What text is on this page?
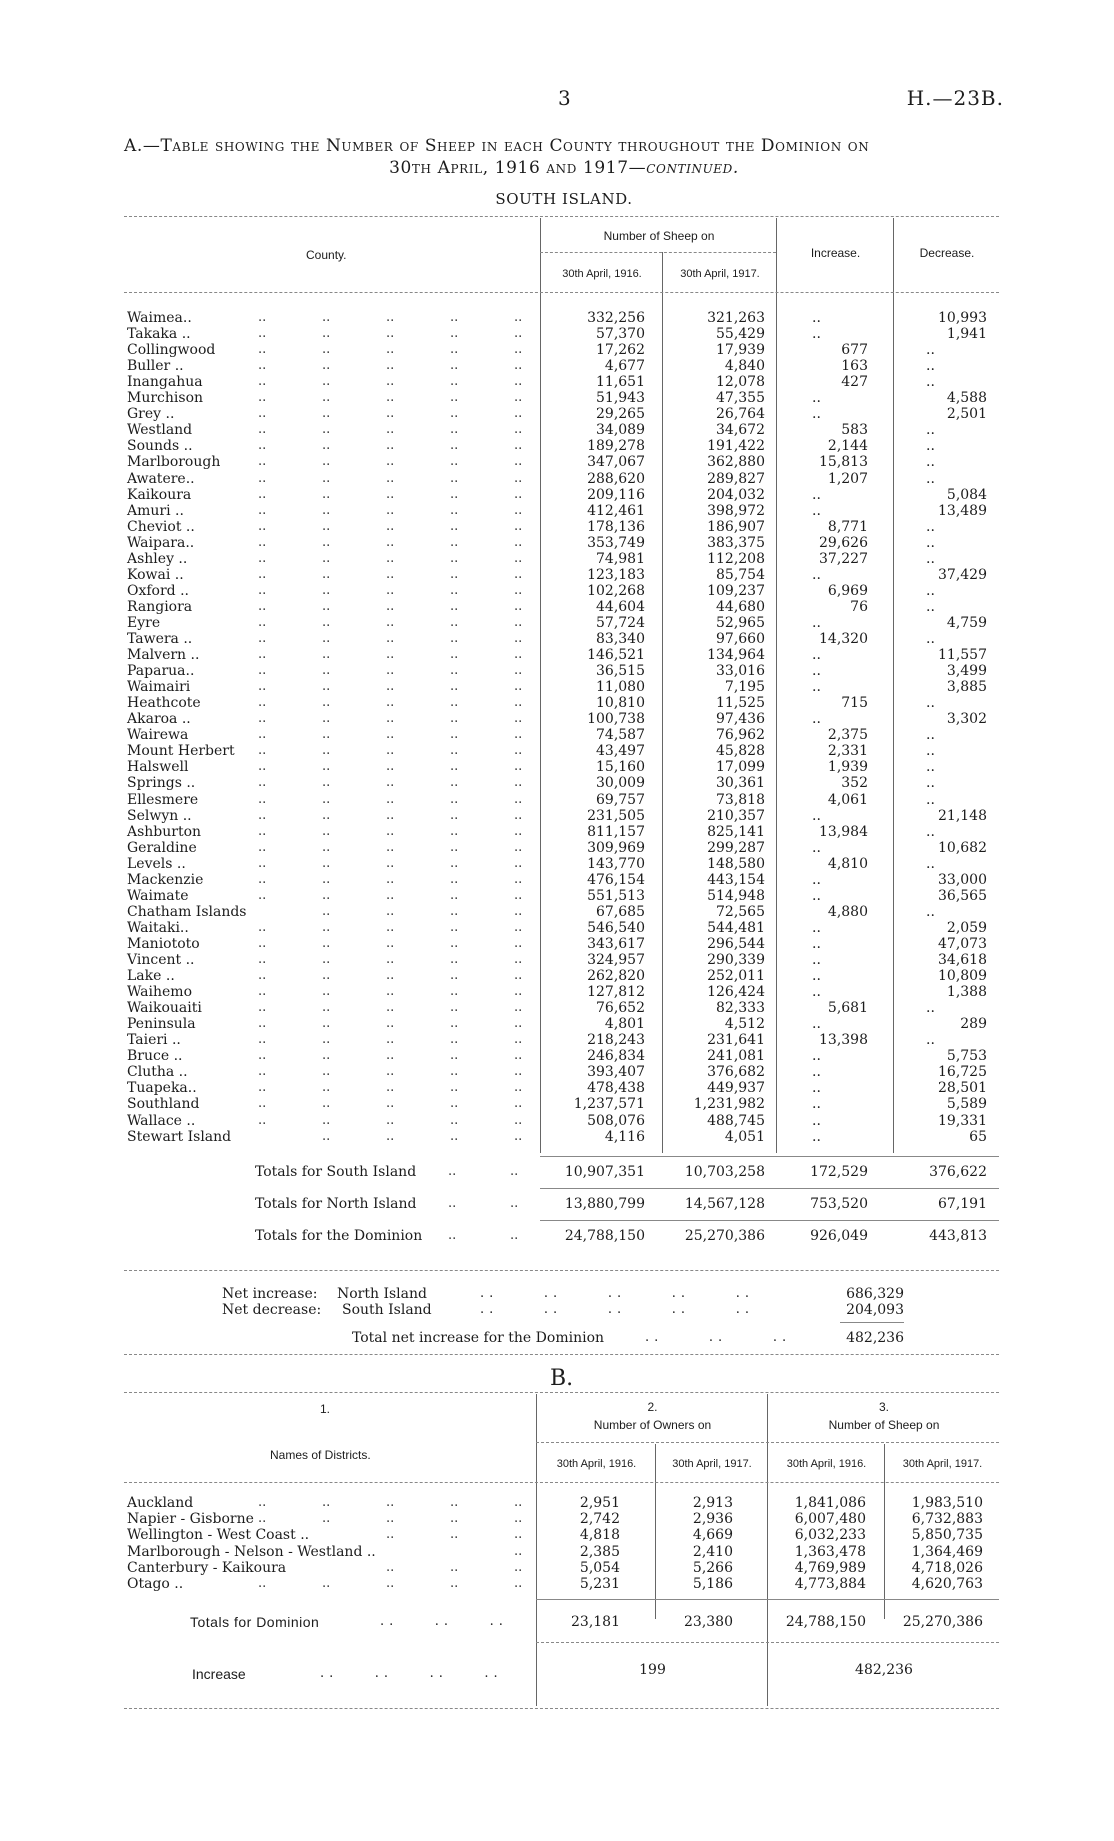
3	H.—23B.
A.—Table showing the Number of Sheep in each County throughout the Dominion on
30th April, 1916 and 1917—continued.
SOUTH ISLAND.
County.
Number of Sheep on
30th April, 1916.	30th April, 1917.
Increase.	Decrease.
Waimea..	..	..	..	..	..	332,256	321,263	..	10,993
Takaka ..	..	..	..	..	..	57,370	55,429	..	1,941
Collingwood	..	..	..	..	..	17,262	17,939	677	..
Buller ..	..	..	..	..	..	4,677	4,840	163	..
Inangahua	..	..	..	..	..	11,651	12,078	427	..
Murchison	..	..	..	..	..	51,943	47,355	..	4,588
Grey ..	..	..	..	..	..	29,265	26,764	..	2,501
Westland	..	..	..	..	..	34,089	34,672	583	..
Sounds ..	..	..	..	..	..	189,278	191,422	2,144	..
Marlborough	..	..	..	..	..	347,067	362,880	15,813	..
Awatere..	..	..	..	..	..	288,620	289,827	1,207	..
Kaikoura	..	..	..	..	..	209,116	204,032	..	5,084
Amuri ..	..	..	..	..	..	412,461	398,972	..	13,489
Cheviot ..	..	..	..	..	..	178,136	186,907	8,771	..
Waipara..	..	..	..	..	..	353,749	383,375	29,626	..
Ashley ..	..	..	..	..	..	74,981	112,208	37,227	..
Kowai ..	..	..	..	..	..	123,183	85,754	..	37,429
Oxford ..	..	..	..	..	..	102,268	109,237	6,969	..
Rangiora	..	..	..	..	..	44,604	44,680	76	..
Eyre	..	..	..	..	..	57,724	52,965	..	4,759
Tawera ..	..	..	..	..	..	83,340	97,660	14,320	..
Malvern ..	..	..	..	..	..	146,521	134,964	..	11,557
Paparua..	..	..	..	..	..	36,515	33,016	..	3,499
Waimairi	..	..	..	..	..	11,080	7,195	..	3,885
Heathcote	..	..	..	..	..	10,810	11,525	715	..
Akaroa ..	..	..	..	..	..	100,738	97,436	..	3,302
Wairewa	..	..	..	..	..	74,587	76,962	2,375	..
Mount Herbert ..	..	..	..	..	43,497	45,828	2,331	..
Halswell	..	..	..	..	..	15,160	17,099	1,939	..
Springs ..	..	..	..	..	..	30,009	30,361	352	..
Ellesmere	..	..	..	..	..	69,757	73,818	4,061	..
Selwyn ..	..	..	..	..	..	231,505	210,357	..	21,148
Ashburton	..	..	..	..	..	811,157	825,141	13,984	..
Geraldine	..	..	..	..	..	309,969	299,287	..	10,682
Levels ..	..	..	..	..	..	143,770	148,580	4,810	..
Mackenzie	..	..	..	..	..	476,154	443,154	..	33,000
Waimate	..	..	..	..	..	551,513	514,948	..	36,565
Chatham Islands	..	..	..	..	67,685	72,565	4,880	..
Waitaki..	..	..	..	..	..	546,540	544,481	..	2,059
Maniototo	..	..	..	..	..	343,617	296,544	..	47,073
Vincent ..	..	..	..	..	..	324,957	290,339	..	34,618
Lake ..	..	..	..	..	..	262,820	252,011	..	10,809
Waihemo	..	..	..	..	..	127,812	126,424	..	1,388
Waikouaiti	..	..	..	..	..	76,652	82,333	5,681	..
Peninsula	..	..	..	..	..	4,801	4,512	..	289
Taieri ..	..	..	..	..	..	218,243	231,641	13,398	..
Bruce ..	..	..	..	..	..	246,834	241,081	..	5,753
Clutha ..	..	..	..	..	..	393,407	376,682	..	16,725
Tuapeka..	..	..	..	..	..	478,438	449,937	..	28,501
Southland	..	..	..	..	..	1,237,571	1,231,982	..	5,589
Wallace ..	..	..	..	..	..	508,076	488,745	..	19,331
Stewart Island	..	..	..	..	4,116	4,051	..	65
Totals for South Island ..	..	10,907,351	10,703,258	172,529	376,622
Totals for North Island ..	..	13,880,799	14,567,128	753,520	67,191
Totals for the Dominion ..	..	24,788,150	25,270,386	926,049	443,813
Net increase: North Island	..     ..     ..     ..     ..	686,329
Net decrease: South Island	..     ..     ..     ..     ..	204,093
Total net increase for the Dominion	..     ..     ..	482,236
B.
1.
Names of Districts.
2.
Number of Owners on
3.
Number of Sheep on
30th April, 1916.	30th April, 1917.	30th April, 1916.	30th April, 1917.
Auckland	..	..	..	..	..	2,951	2,913	1,841,086	1,983,510
Napier - Gisborne ..	..	..	..	..	2,742	2,936	6,007,480	6,732,883
Wellington - West Coast ..	..	..	..	4,818	4,669	6,032,233	5,850,735
Marlborough - Nelson - Westland ..	..	2,385	2,410	1,363,478	1,364,469
Canterbury - Kaikoura	..	..	..	5,054	5,266	4,769,989	4,718,026
Otago ..	..	..	..	..	..	5,231	5,186	4,773,884	4,620,763
Totals for Dominion	..    ..    ..	23,181	23,380	24,788,150	25,270,386
Increase	..    ..    ..    ..	199	482,236
